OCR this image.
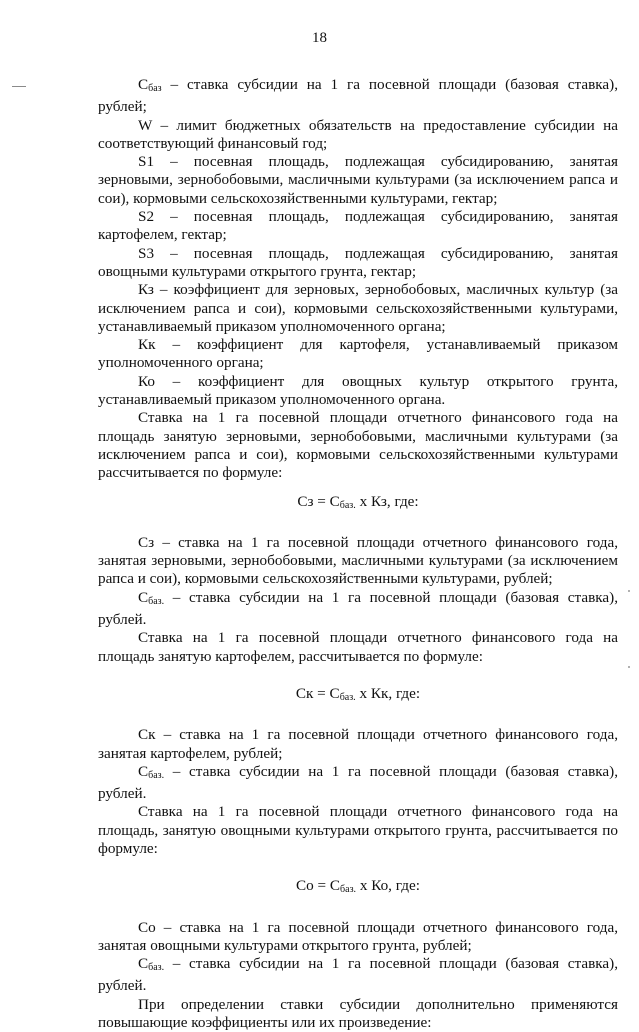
18

$С_{баз}$ – ставка субсидии на 1 га посевной площади (базовая ставка), рублей;

W – лимит бюджетных обязательств на предоставление субсидии на соответствующий финансовый год;

S1 – посевная площадь, подлежащая субсидированию, занятая зерновыми, зернобобовыми, масличными культурами (за исключением рапса и сои), кормовыми сельскохозяйственными культурами, гектар;

S2 – посевная площадь, подлежащая субсидированию, занятая картофелем, гектар;

S3 – посевная площадь, подлежащая субсидированию, занятая овощными культурами открытого грунта, гектар;

Кз – коэффициент для зерновых, зернобобовых, масличных культур (за исключением рапса и сои), кормовыми сельскохозяйственными культурами, устанавливаемый приказом уполномоченного органа;

Кк – коэффициент для картофеля, устанавливаемый приказом уполномоченного органа;

Ко – коэффициент для овощных культур открытого грунта, устанавливаемый приказом уполномоченного органа.

Ставка на 1 га посевной площади отчетного финансового года на площадь занятую зерновыми, зернобобовыми, масличными культурами (за исключением рапса и сои), кормовыми сельскохозяйственными культурами рассчитывается по формуле:

Сз = $С_{баз.}$ х Кз, где:

Сз – ставка на 1 га посевной площади отчетного финансового года, занятая зерновыми, зернобобовыми, масличными культурами (за исключением рапса и сои), кормовыми сельскохозяйственными культурами, рублей;

$С_{баз.}$ – ставка субсидии на 1 га посевной площади (базовая ставка), рублей.

Ставка на 1 га посевной площади отчетного финансового года на площадь занятую картофелем, рассчитывается по формуле:

Ск = $С_{баз.}$ х Кк, где:

Ск – ставка на 1 га посевной площади отчетного финансового года, занятая картофелем, рублей;

$С_{баз.}$ – ставка субсидии на 1 га посевной площади (базовая ставка), рублей.

Ставка на 1 га посевной площади отчетного финансового года на площадь, занятую овощными культурами открытого грунта, рассчитывается по формуле:

Со = $С_{баз.}$ х Ко, где:

Со – ставка на 1 га посевной площади отчетного финансового года, занятая овощными культурами открытого грунта, рублей;

$С_{баз.}$ – ставка субсидии на 1 га посевной площади (базовая ставка), рублей.

При определении ставки субсидии дополнительно применяются повышающие коэффициенты или их произведение:
